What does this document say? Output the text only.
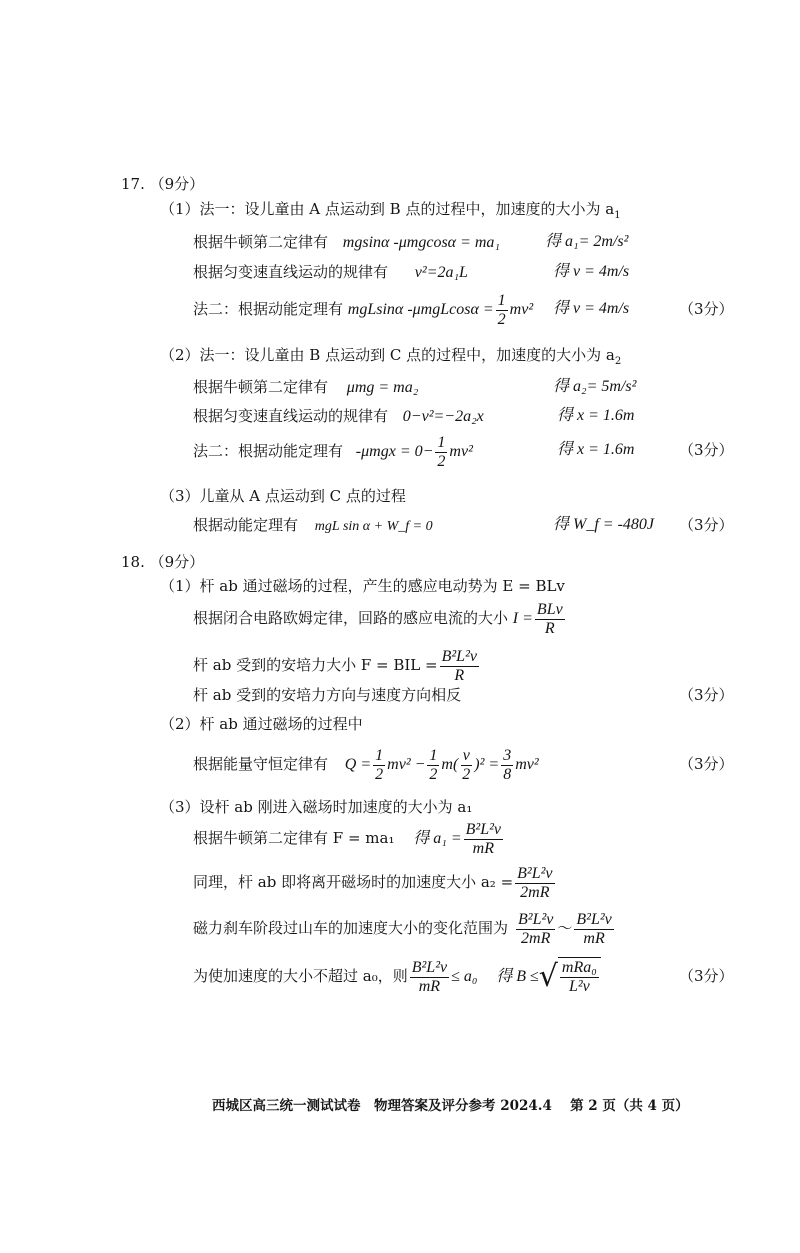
17. （9分）
（1）法一：设儿童由 A 点运动到 B 点的过程中，加速度的大小为 $a_1$
根据牛顿第二定律有 mgsinα -μmgcosα = ma₁	得 a₁= 2m/s²
根据匀变速直线运动的规律有 v²=2a₁L	得 v = 4m/s
法二：根据动能定理有 mgLsinα $-\mu mgLcos\alpha = \frac{1}{2} mv^2$ 得 v = 4m/s	（3分）
（2）法一：设儿童由 B 点运动到 C 点的过程中，加速度的大小为 $a_2$
根据牛顿第二定律有 μmg = ma₂	得 a₂= 5m/s²
根据匀变速直线运动的规律有 0−v²=−2a₂x	得 x = 1.6m
法二：根据动能定理有 $-\mu mgx = 0- \frac{1}{2} mv^2$	得 x = 1.6m	（3分）
（3）儿童从 A 点运动到 C 点的过程
根据动能定理有 mgL sin α + W_f = 0	得 W_f = -480J （3分）
18. （9分）
（1）杆 ab 通过磁场的过程，产生的感应电动势为 E = BLv
根据闭合电路欧姆定律，回路的感应电流的大小 $I = \frac{\text{BLv}}{R}$
杆 ab 受到的安培力大小 F = BIL = $\frac{\text{B²L²v}}{R}$
杆 ab 受到的安培力方向与速度方向相反	（3分）
（2）杆 ab 通过磁场的过程中
根据能量守恒定律有 $Q = \frac{1}{2} mv^2 - \frac{1}{2} m( \frac{v}{2} )^2 = \frac{3}{8} mv^2$	（3分）
（3）设杆 ab 刚进入磁场时加速度的大小为 a₁
根据牛顿第二定律有 F = ma₁ 得 $a_1 = \frac{\text{B²L²v}}{mR}$
同理，杆 ab 即将离开磁场时的加速度大小 $a_2 = \frac{\text{B²L²v}}{2mR}$
磁力刹车阶段过山车的加速度大小的变化范围为 $\frac{\text{B²L²v}}{2mR}$ ～ $\frac{\text{B²L²v}}{mR}$
为使加速度的大小不超过 a₀，则 $\frac{\text{B²L²v}}{mR} \le a_0$ 得 B ≤ √ $\frac{\text{mRa₀}}{\text{L²v}}$	（3分）
西城区高三统一测试试卷　物理答案及评分参考 2024.4　 第 2 页（共 4 页）
